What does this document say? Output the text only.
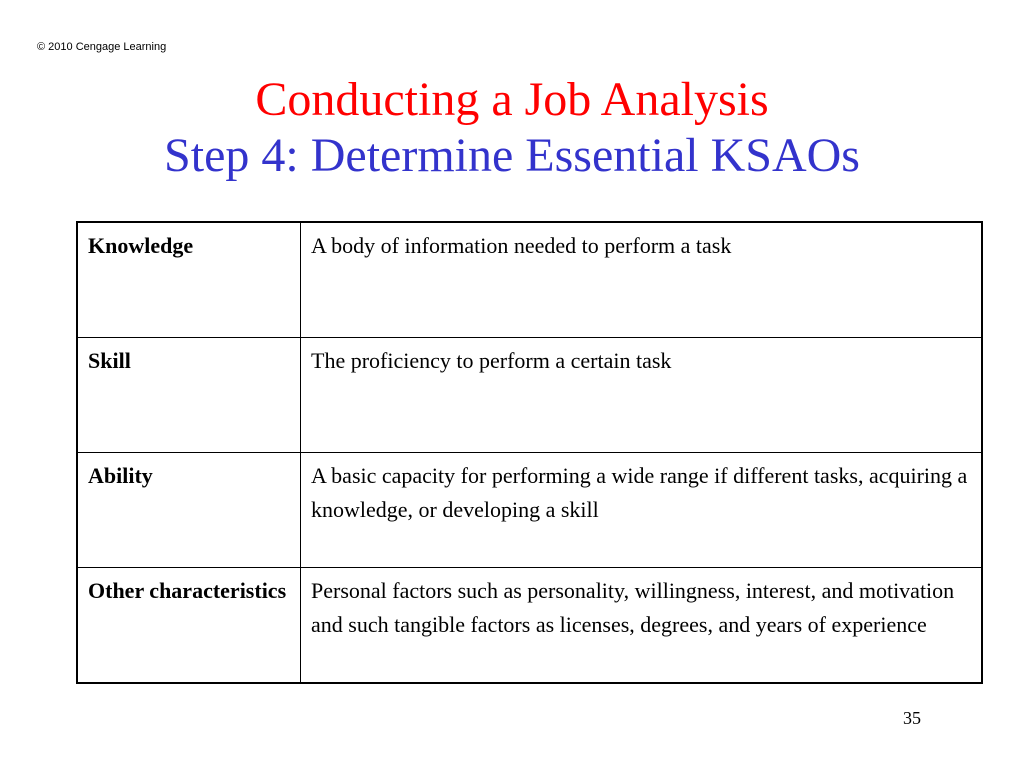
© 2010 Cengage Learning
Conducting a Job Analysis
Step 4: Determine Essential KSAOs
Knowledge	A body of information needed to perform a task
Skill	The proficiency to perform a certain task
Ability	A basic capacity for performing a wide range if different tasks, acquiring a knowledge, or developing a skill
Other characteristics	Personal factors such as personality, willingness, interest, and motivation and such tangible factors as licenses, degrees, and years of experience
35
